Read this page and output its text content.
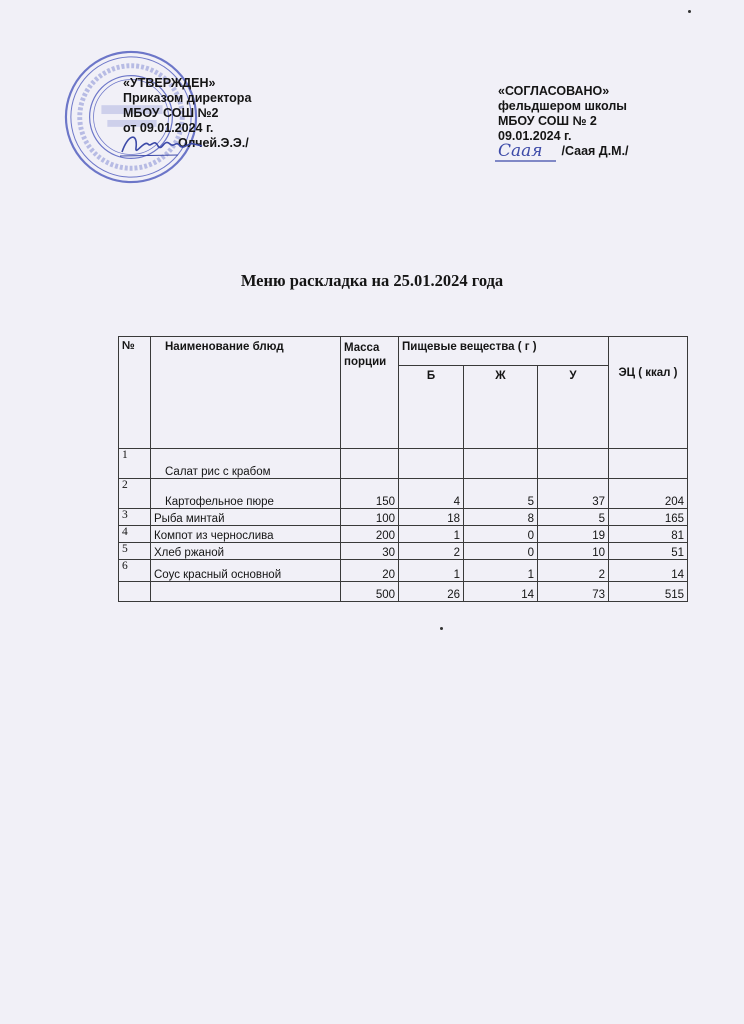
«УТВЕРЖДЕН»
Приказом директора
МБОУ СОШ №2
от 09.01.2024 г.
Олчей.Э.Э./
«СОГЛАСОВАНО»
фельдшером школы
МБОУ СОШ № 2
09.01.2024 г.
/Саая Д.М./
Саая
Меню раскладка на 25.01.2024 года
№	Наименование блюд	Масса порции	Пищевые вещества ( г )			ЭЦ ( ккал )
			Б	Ж	У	
1	Салат рис с крабом					
2	Картофельное пюре	150	4	5	37	204
3	Рыба минтай	100	18	8	5	165
4	Компот из чернослива	200	1	0	19	81
5	Хлеб ржаной	30	2	0	10	51
6	Соус красный основной	20	1	1	2	14
		500	26	14	73	515
